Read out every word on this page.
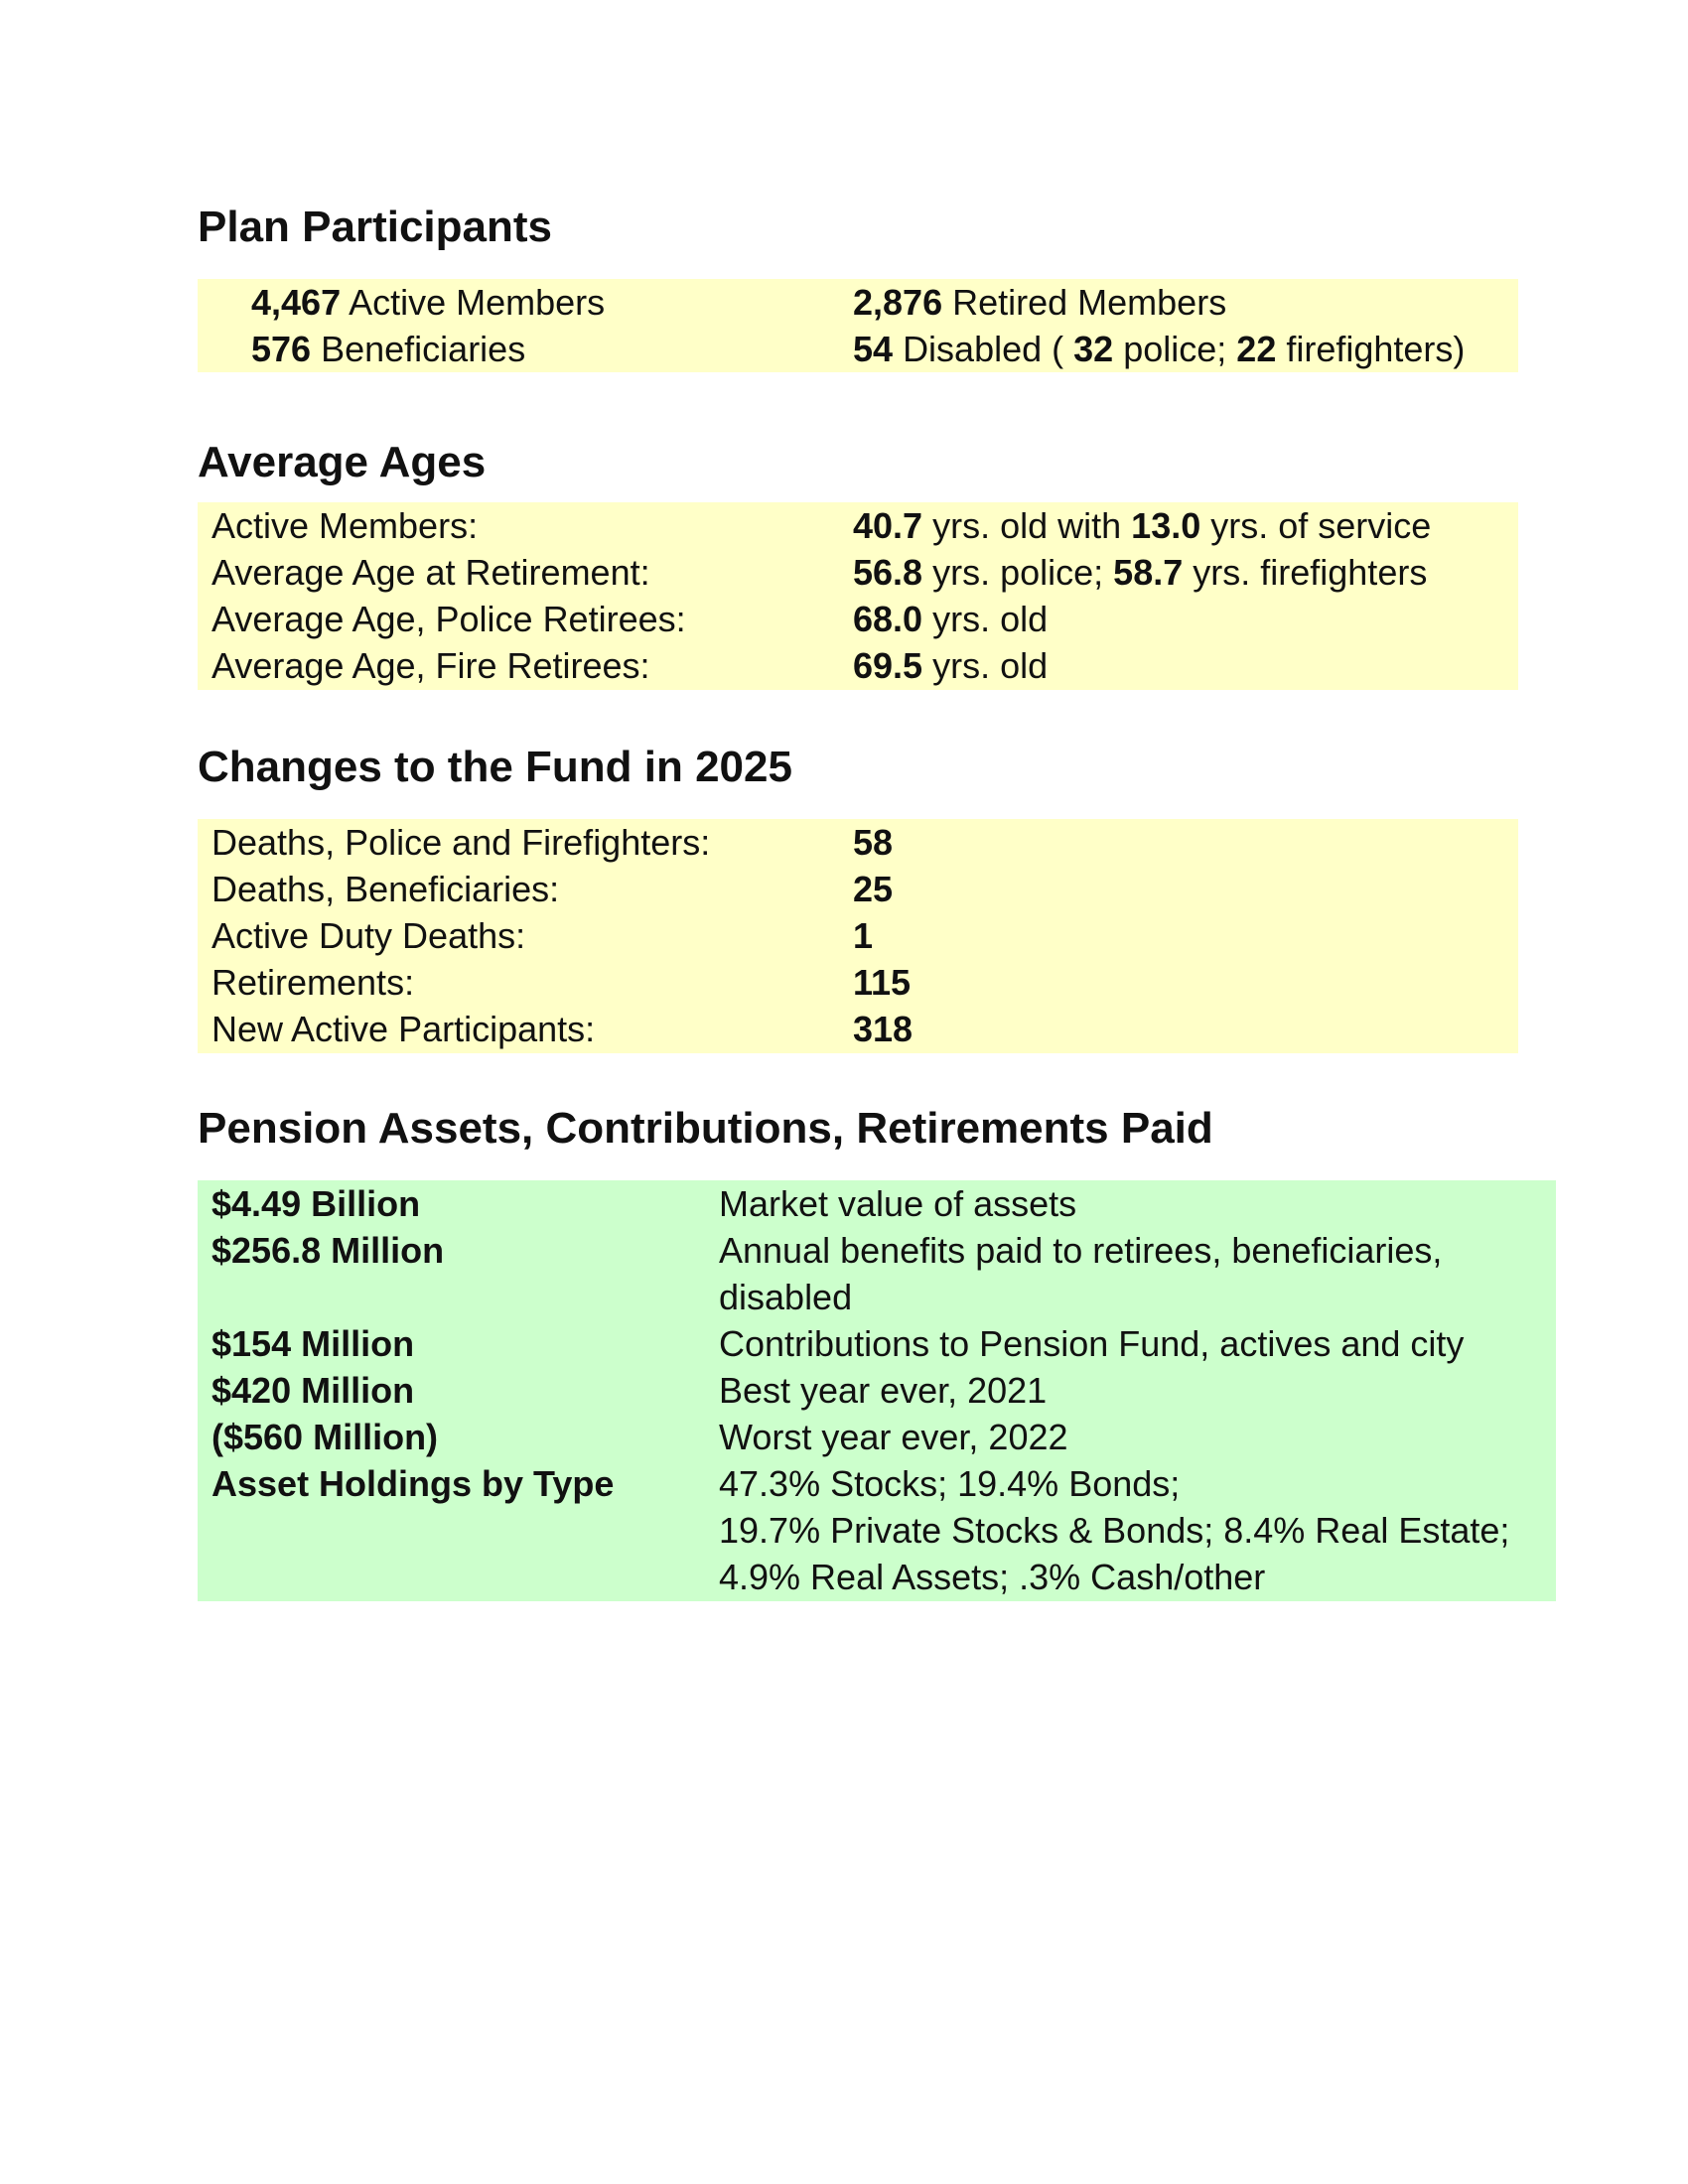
Plan Participants
4,467 Active Members	2,876 Retired Members
576 Beneficiaries	54 Disabled ( 32 police; 22 firefighters)
Average Ages
Active Members:	40.7 yrs. old with 13.0 yrs. of service
Average Age at Retirement:	56.8 yrs. police; 58.7 yrs. firefighters
Average Age, Police Retirees:	68.0 yrs. old
Average Age, Fire Retirees:	69.5 yrs. old
Changes to the Fund in 2025
Deaths, Police and Firefighters:	58
Deaths, Beneficiaries:	25
Active Duty Deaths:	1
Retirements:	115
New Active Participants:	318
Pension Assets, Contributions, Retirements Paid
$4.49 Billion	Market value of assets
$256.8 Million	Annual benefits paid to retirees, beneficiaries,
disabled
$154 Million	Contributions to Pension Fund, actives and city
$420 Million	Best year ever, 2021
($560 Million)	Worst year ever, 2022
Asset Holdings by Type	47.3% Stocks; 19.4% Bonds;
19.7% Private Stocks & Bonds; 8.4% Real Estate;
4.9% Real Assets; .3% Cash/other
